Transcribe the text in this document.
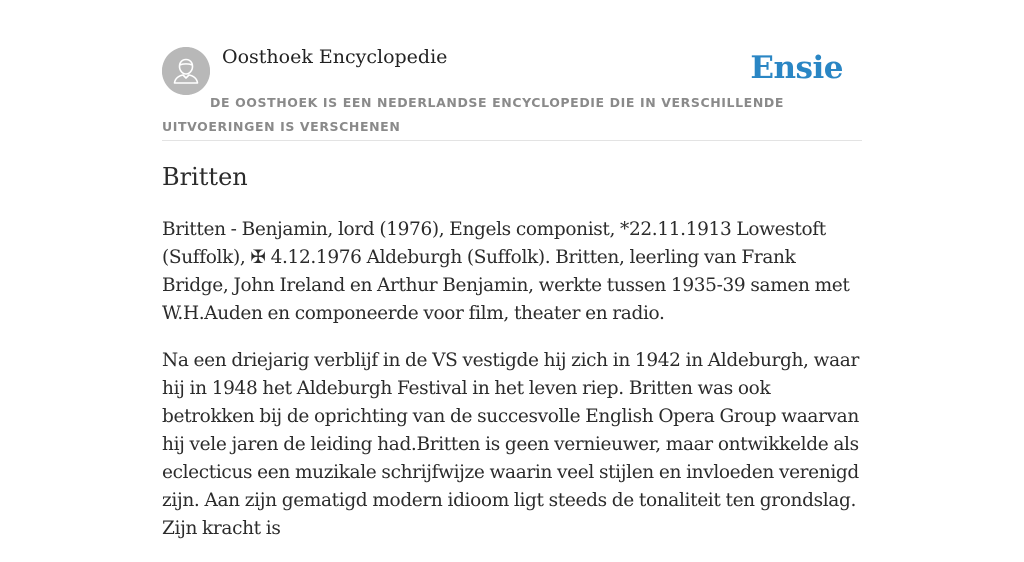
Oosthoek Encyclopedie	Ensie
DE OOSTHOEK IS EEN NEDERLANDSE ENCYCLOPEDIE DIE IN VERSCHILLENDE UITVOERINGEN IS VERSCHENEN
Britten

Britten - Benjamin, lord (1976), Engels componist, *22.11.1913 Lowestoft (Suffolk), ✠ 4.12.1976 Aldeburgh (Suffolk). Britten, leerling van Frank Bridge, John Ireland en Arthur Benjamin, werkte tussen 1935-39 samen met W.H.Auden en componeerde voor film, theater en radio.

Na een driejarig verblijf in de VS vestigde hij zich in 1942 in Aldeburgh, waar hij in 1948 het Aldeburgh Festival in het leven riep. Britten was ook betrokken bij de oprichting van de succesvolle English Opera Group waarvan hij vele jaren de leiding had.Britten is geen vernieuwer, maar ontwikkelde als eclecticus een muzikale schrijfwijze waarin veel stijlen en invloeden verenigd zijn. Aan zijn gematigd modern idioom ligt steeds de tonaliteit ten grondslag. Zijn kracht is
